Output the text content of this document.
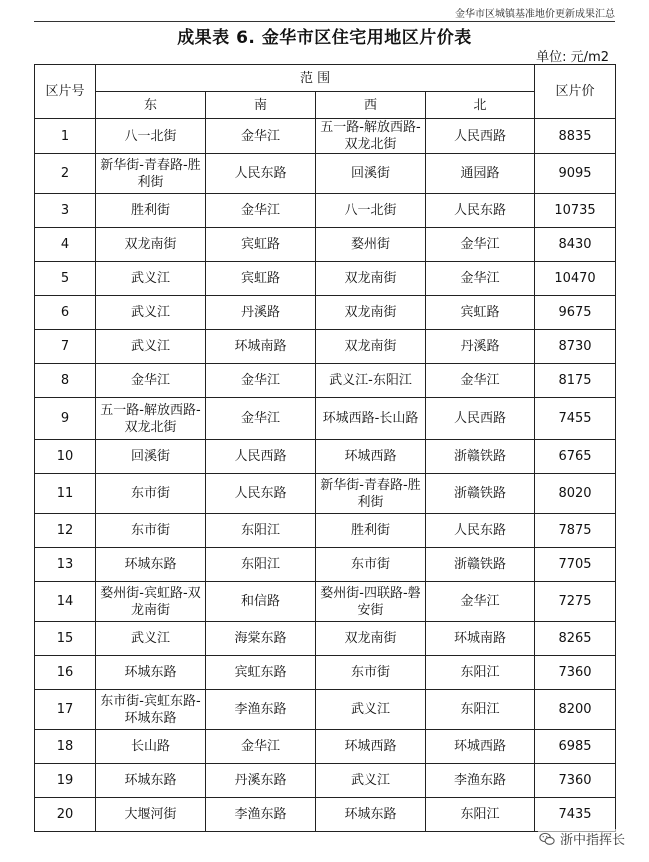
金华市区城镇基准地价更新成果汇总
成果表 6. 金华市区住宅用地区片价表
单位: 元/m2
区片号	范 围				区片价
	东	南	西	北	
1	八一北街	金华江	五一路-解放西路-双龙北街	人民西路	8835
2	新华街-青春路-胜利街	人民东路	回溪街	通园路	9095
3	胜利街	金华江	八一北街	人民东路	10735
4	双龙南街	宾虹路	婺州街	金华江	8430
5	武义江	宾虹路	双龙南街	金华江	10470
6	武义江	丹溪路	双龙南街	宾虹路	9675
7	武义江	环城南路	双龙南街	丹溪路	8730
8	金华江	金华江	武义江-东阳江	金华江	8175
9	五一路-解放西路-双龙北街	金华江	环城西路-长山路	人民西路	7455
10	回溪街	人民西路	环城西路	浙赣铁路	6765
11	东市街	人民东路	新华街-青春路-胜利街	浙赣铁路	8020
12	东市街	东阳江	胜利街	人民东路	7875
13	环城东路	东阳江	东市街	浙赣铁路	7705
14	婺州街-宾虹路-双龙南街	和信路	婺州街-四联路-磐安街	金华江	7275
15	武义江	海棠东路	双龙南街	环城南路	8265
16	环城东路	宾虹东路	东市街	东阳江	7360
17	东市街-宾虹东路-环城东路	李渔东路	武义江	东阳江	8200
18	长山路	金华江	环城西路	环城西路	6985
19	环城东路	丹溪东路	武义江	李渔东路	7360
20	大堰河街	李渔东路	环城东路	东阳江	7435
浙中指挥长
